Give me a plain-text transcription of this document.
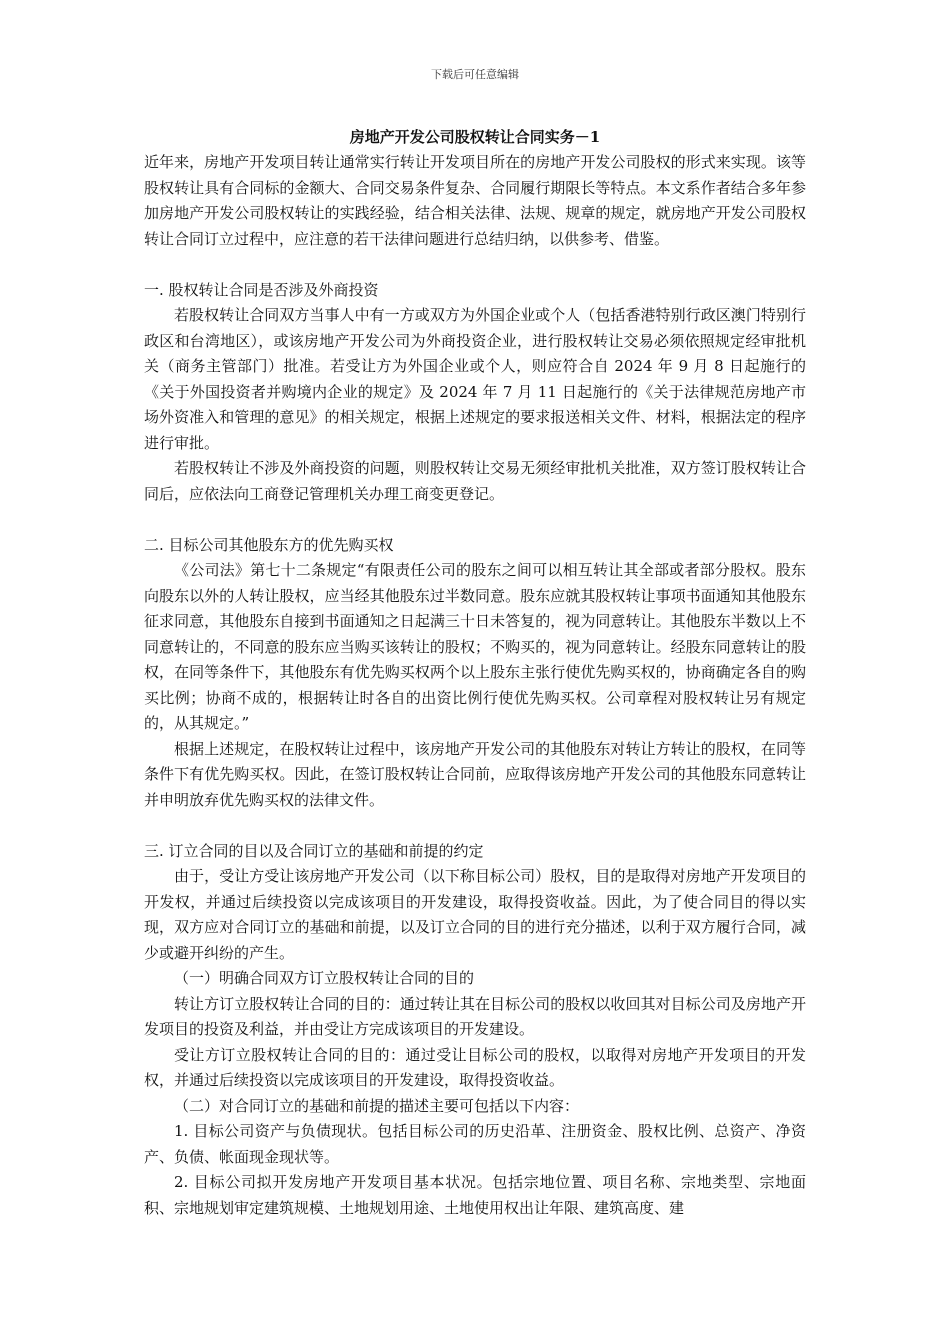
下载后可任意编辑
房地产开发公司股权转让合同实务－1

近年来，房地产开发项目转让通常实行转让开发项目所在的房地产开发公司股权的形式来实现。该等股权转让具有合同标的金额大、合同交易条件复杂、合同履行期限长等特点。本文系作者结合多年参加房地产开发公司股权转让的实践经验，结合相关法律、法规、规章的规定，就房地产开发公司股权转让合同订立过程中，应注意的若干法律问题进行总结归纳，以供参考、借鉴。

一. 股权转让合同是否涉及外商投资

若股权转让合同双方当事人中有一方或双方为外国企业或个人（包括香港特别行政区澳门特别行政区和台湾地区），或该房地产开发公司为外商投资企业，进行股权转让交易必须依照规定经审批机关（商务主管部门）批准。若受让方为外国企业或个人，则应符合自 2024 年 9 月 8 日起施行的《关于外国投资者并购境内企业的规定》及 2024 年 7 月 11 日起施行的《关于法律规范房地产市场外资准入和管理的意见》的相关规定，根据上述规定的要求报送相关文件、材料，根据法定的程序进行审批。

若股权转让不涉及外商投资的问题，则股权转让交易无须经审批机关批准，双方签订股权转让合同后，应依法向工商登记管理机关办理工商变更登记。

二. 目标公司其他股东方的优先购买权

《公司法》第七十二条规定“有限责任公司的股东之间可以相互转让其全部或者部分股权。股东向股东以外的人转让股权，应当经其他股东过半数同意。股东应就其股权转让事项书面通知其他股东征求同意，其他股东自接到书面通知之日起满三十日未答复的，视为同意转让。其他股东半数以上不同意转让的，不同意的股东应当购买该转让的股权；不购买的，视为同意转让。经股东同意转让的股权，在同等条件下，其他股东有优先购买权两个以上股东主张行使优先购买权的，协商确定各自的购买比例；协商不成的，根据转让时各自的出资比例行使优先购买权。公司章程对股权转让另有规定的，从其规定。”

根据上述规定，在股权转让过程中，该房地产开发公司的其他股东对转让方转让的股权，在同等条件下有优先购买权。因此，在签订股权转让合同前，应取得该房地产开发公司的其他股东同意转让并申明放弃优先购买权的法律文件。

三. 订立合同的目以及合同订立的基础和前提的约定

由于，受让方受让该房地产开发公司（以下称目标公司）股权，目的是取得对房地产开发项目的开发权，并通过后续投资以完成该项目的开发建设，取得投资收益。因此，为了使合同目的得以实现，双方应对合同订立的基础和前提，以及订立合同的目的进行充分描述，以利于双方履行合同，减少或避开纠纷的产生。

（一）明确合同双方订立股权转让合同的目的

转让方订立股权转让合同的目的：通过转让其在目标公司的股权以收回其对目标公司及房地产开发项目的投资及利益，并由受让方完成该项目的开发建设。

受让方订立股权转让合同的目的：通过受让目标公司的股权，以取得对房地产开发项目的开发权，并通过后续投资以完成该项目的开发建设，取得投资收益。

（二）对合同订立的基础和前提的描述主要可包括以下内容：

1. 目标公司资产与负债现状。包括目标公司的历史沿革、注册资金、股权比例、总资产、净资产、负债、帐面现金现状等。

2. 目标公司拟开发房地产开发项目基本状况。包括宗地位置、项目名称、宗地类型、宗地面积、宗地规划审定建筑规模、土地规划用途、土地使用权出让年限、建筑高度、建
